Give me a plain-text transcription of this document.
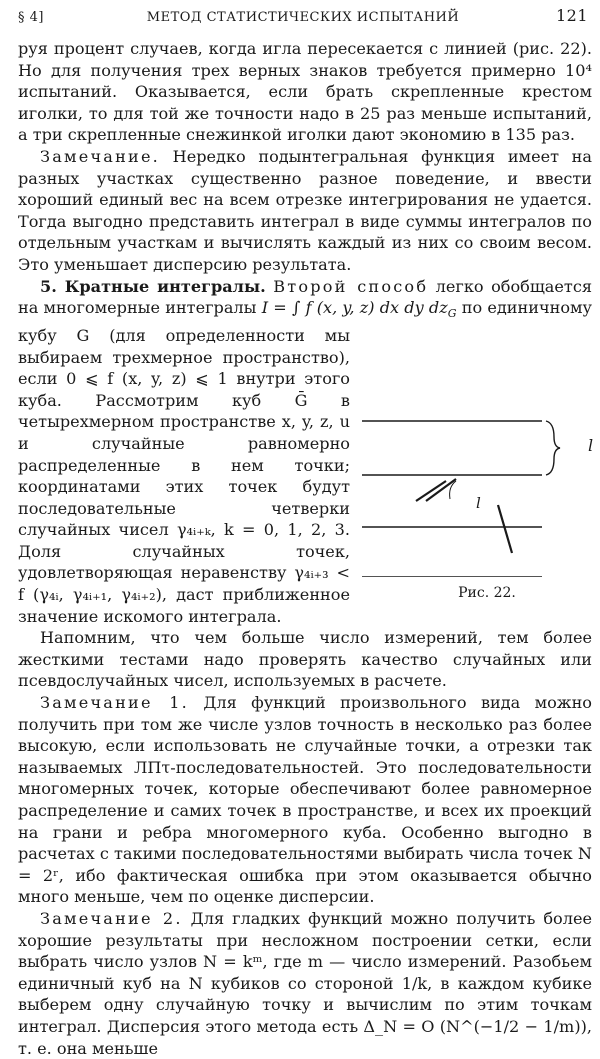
§ 4]	МЕТОД СТАТИСТИЧЕСКИХ ИСПЫТАНИЙ	121

руя процент случаев, когда игла пересекается с линией (рис. 22). Но для получения трех верных знаков требуется примерно 10⁴ испытаний. Оказывается, если брать скрепленные крестом иголки, то для той же точности надо в 25 раз меньше испытаний, а три скрепленные снежинкой иголки дают экономию в 135 раз.

Замечание. Нередко подынтегральная функция имеет на разных участках существенно разное поведение, и ввести хороший единый вес на всем отрезке интегрирования не удается. Тогда выгодно представить интеграл в виде суммы интегралов по отдельным участкам и вычислять каждый из них со своим весом. Это уменьшает дисперсию результата.

5. Кратные интегралы. Второй способ легко обобщается на многомерные интегралы I = ∫ f (x, y, z) dx dy $dz_G$
l
l
Рис. 22.
по единичному кубу G (для определенности мы выбираем трехмерное пространство), если 0 ⩽ f (x, y, z) ⩽ 1 внутри этого куба. Рассмотрим куб Ḡ в четырехмерном пространстве x, y, z, u и случайные равномерно распределенные в нем точки; координатами этих точек будут последовательные четверки случайных чисел γ₄ᵢ₊ₖ, k = 0, 1, 2, 3. Доля случайных точек, удовлетворяющая неравенству γ₄ᵢ₊₃ < f (γ₄ᵢ, γ₄ᵢ₊₁, γ₄ᵢ₊₂), даст приближенное значение искомого интеграла.

Напомним, что чем больше число измерений, тем более жесткими тестами надо проверять качество случайных или псевдослучайных чисел, используемых в расчете.

Замечание 1. Для функций произвольного вида можно получить при том же числе узлов точность в несколько раз более высокую, если использовать не случайные точки, а отрезки так называемых ЛПτ-последовательностей. Это последовательности многомерных точек, которые обеспечивают более равномерное распределение и самих точек в пространстве, и всех их проекций на грани и ребра многомерного куба. Особенно выгодно в расчетах с такими последовательностями выбирать числа точек N = 2ʳ, ибо фактическая ошибка при этом оказывается обычно много меньше, чем по оценке дисперсии.

Замечание 2. Для гладких функций можно получить более хорошие результаты при несложном построении сетки, если выбрать число узлов N = kᵐ, где m — число измерений. Разобьем единичный куб на N кубиков со стороной 1/k, в каждом кубике выберем одну случайную точку и вычислим по этим точкам интеграл. Дисперсия этого метода есть Δ_N = O (N^(−1/2 − 1/m)), т. е. она меньше
